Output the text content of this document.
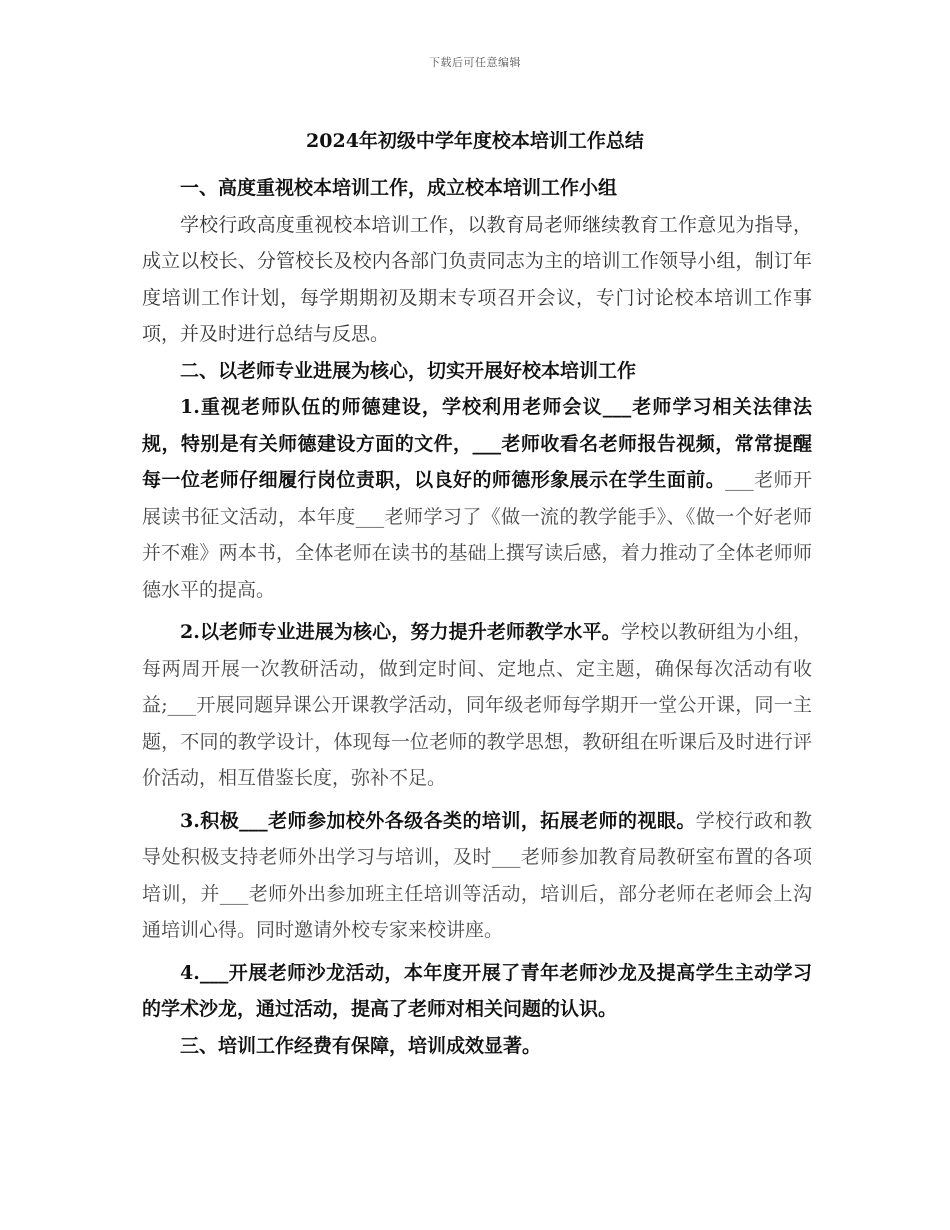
下载后可任意编辑
2024年初级中学年度校本培训工作总结

一、高度重视校本培训工作，成立校本培训工作小组

学校行政高度重视校本培训工作，以教育局老师继续教育工作意见为指导，成立以校长、分管校长及校内各部门负责同志为主的培训工作领导小组，制订年度培训工作计划，每学期期初及期末专项召开会议，专门讨论校本培训工作事项，并及时进行总结与反思。

二、以老师专业进展为核心，切实开展好校本培训工作

1.重视老师队伍的师德建设，学校利用老师会议___老师学习相关法律法规，特别是有关师德建设方面的文件，___老师收看名老师报告视频，常常提醒每一位老师仔细履行岗位责职，以良好的师德形象展示在学生面前。___老师开展读书征文活动，本年度___老师学习了《做一流的教学能手》、《做一个好老师并不难》两本书，全体老师在读书的基础上撰写读后感，着力推动了全体老师师德水平的提高。

2.以老师专业进展为核心，努力提升老师教学水平。学校以教研组为小组，每两周开展一次教研活动，做到定时间、定地点、定主题，确保每次活动有收益;___开展同题异课公开课教学活动，同年级老师每学期开一堂公开课，同一主题，不同的教学设计，体现每一位老师的教学思想，教研组在听课后及时进行评价活动，相互借鉴长度，弥补不足。

3.积极___老师参加校外各级各类的培训，拓展老师的视眼。学校行政和教导处积极支持老师外出学习与培训，及时___老师参加教育局教研室布置的各项培训，并___老师外出参加班主任培训等活动，培训后，部分老师在老师会上沟通培训心得。同时邀请外校专家来校讲座。

4.___开展老师沙龙活动，本年度开展了青年老师沙龙及提高学生主动学习的学术沙龙，通过活动，提高了老师对相关问题的认识。

三、培训工作经费有保障，培训成效显著。
